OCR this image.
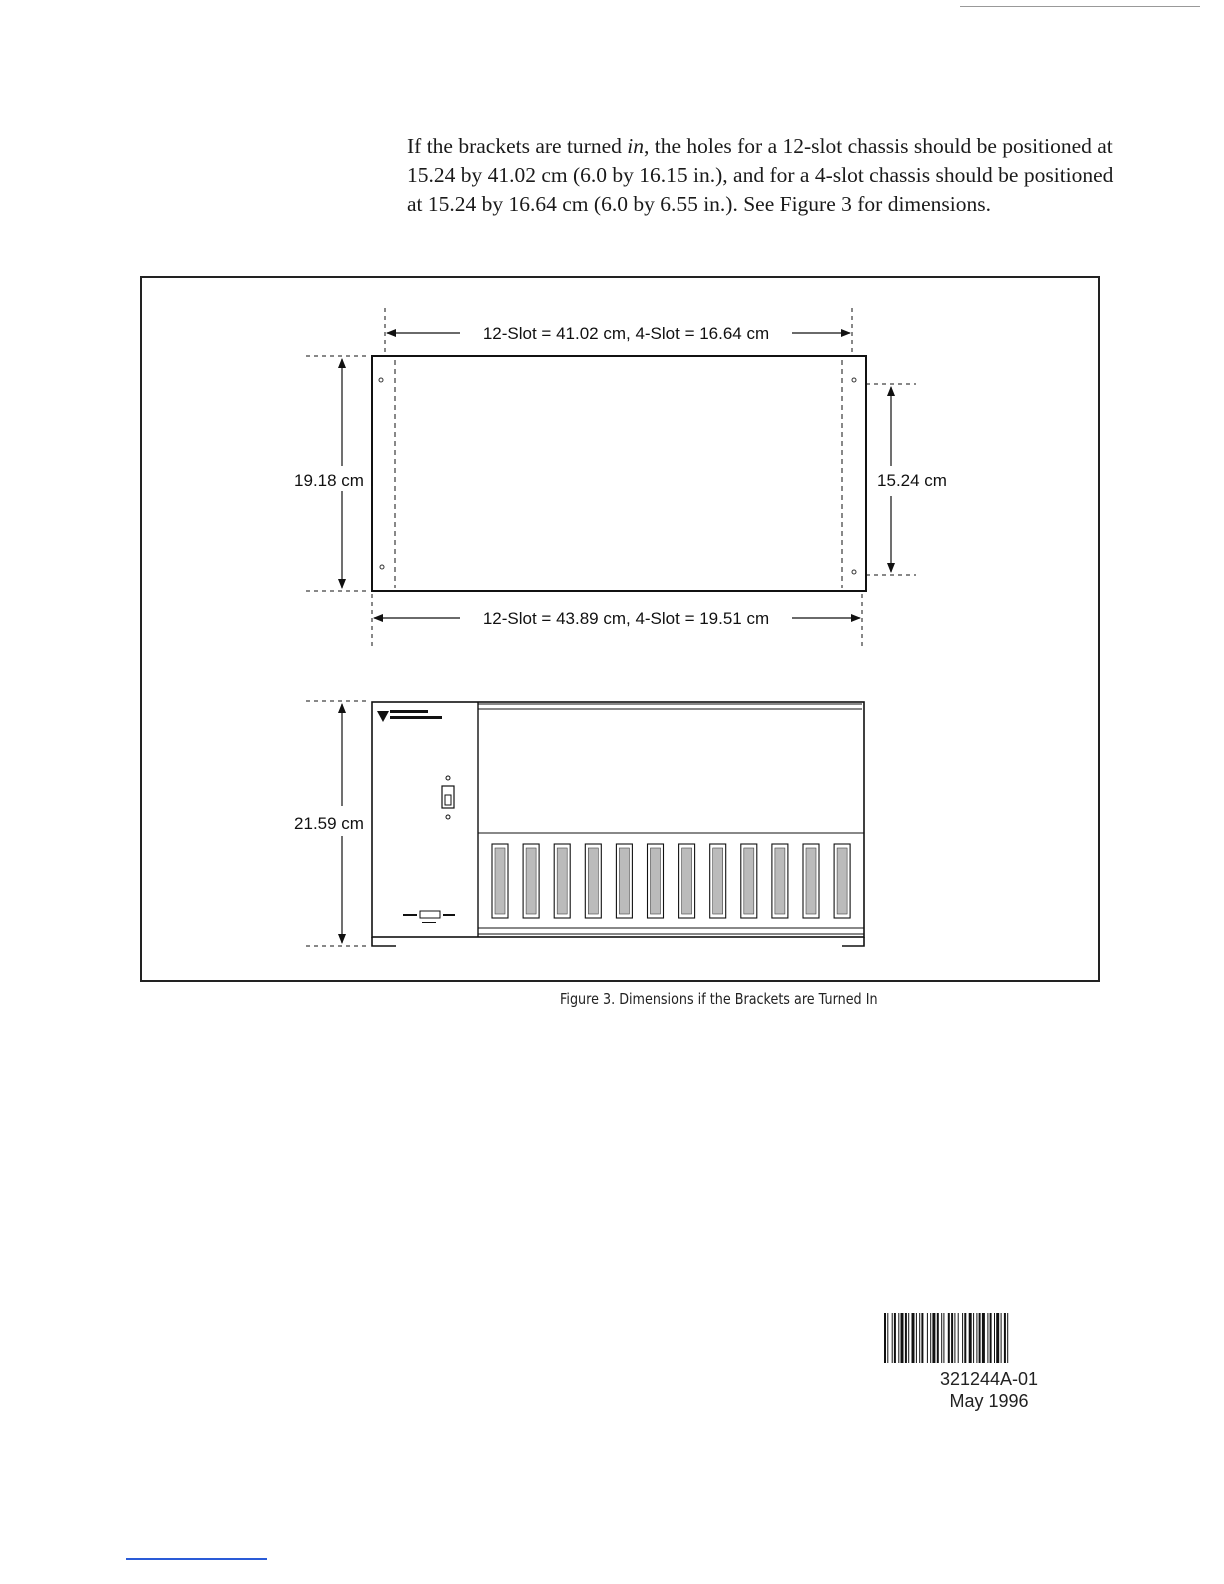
If the brackets are turned in, the holes for a 12-slot chassis should be positioned at 15.24 by 41.02 cm (6.0 by 16.15 in.), and for a 4-slot chassis should be positioned at 15.24 by 16.64 cm (6.0 by 6.55 in.). See Figure 3 for dimensions.

12-Slot = 41.02 cm, 4-Slot = 16.64 cm
19.18 cm	15.24 cm
12-Slot = 43.89 cm, 4-Slot = 19.51 cm
21.59 cm
Figure 3. Dimensions if the Brackets are Turned In
321244A-01
May 1996
